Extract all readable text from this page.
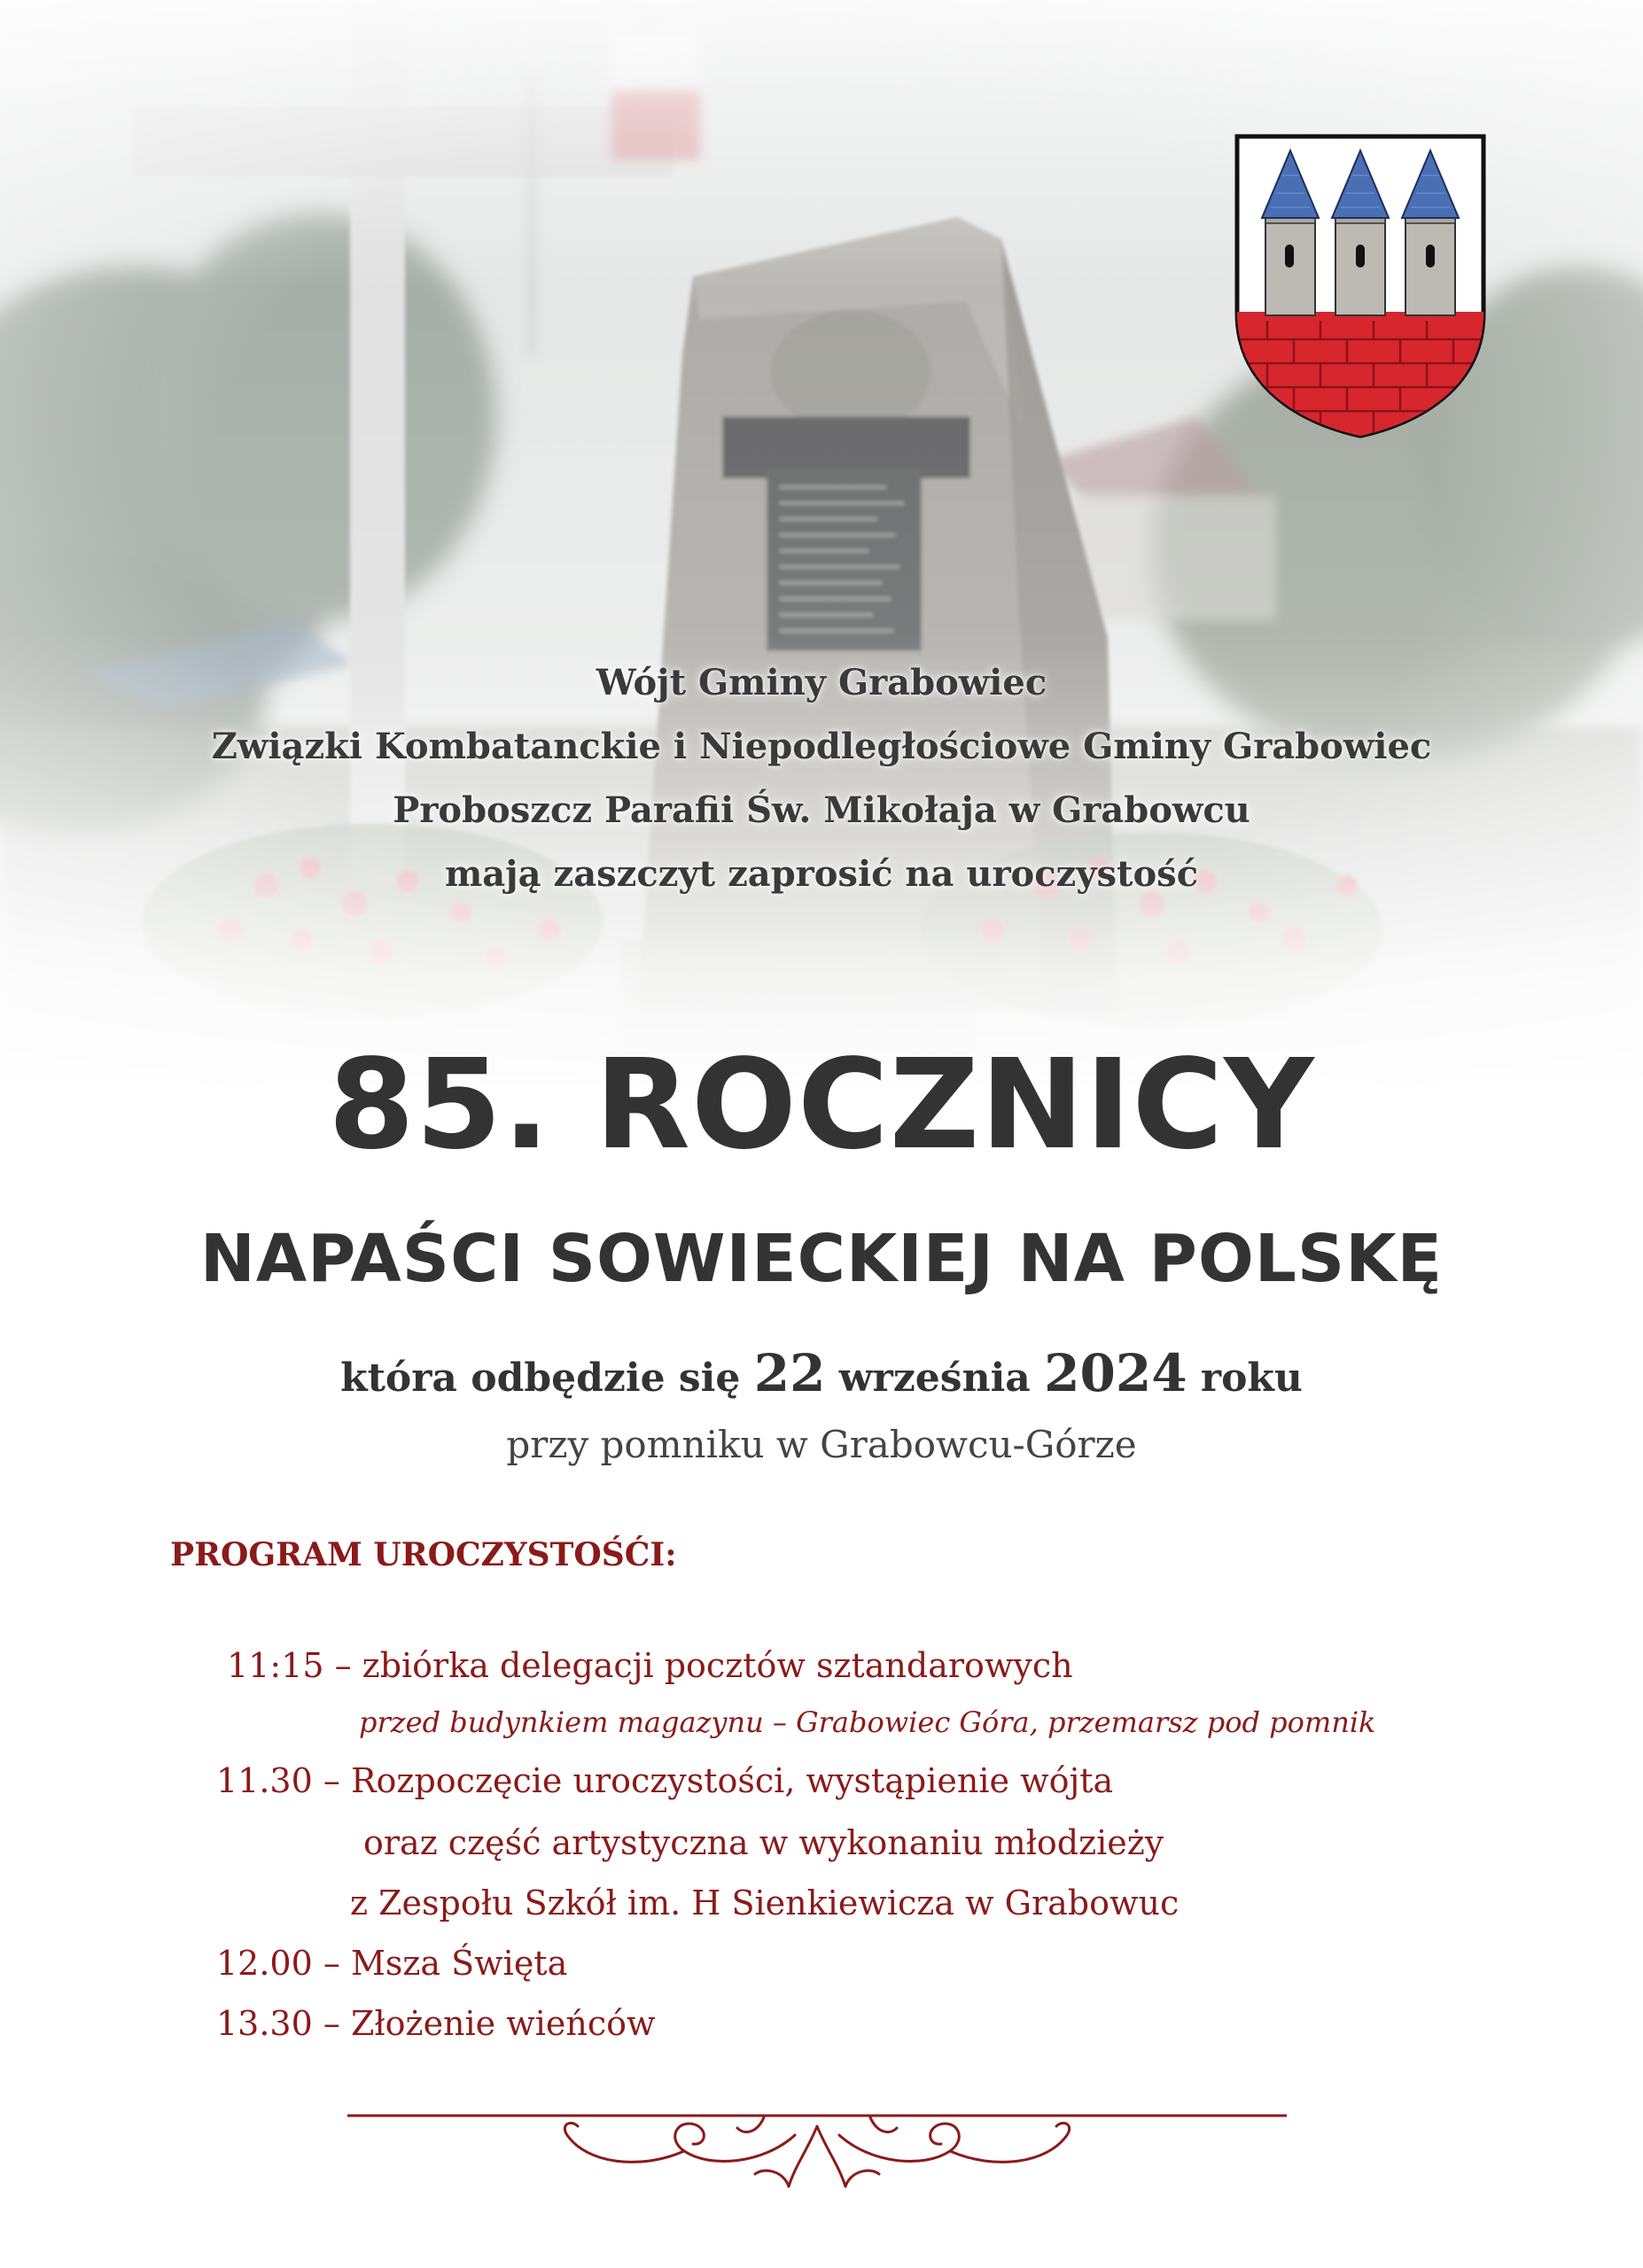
Wójt Gminy Grabowiec
Związki Kombatanckie i Niepodległościowe Gminy Grabowiec
Proboszcz Parafii Św. Mikołaja w Grabowcu
mają zaszczyt zaprosić na uroczystość
85. ROCZNICY
NAPAŚCI SOWIECKIEJ NA POLSKĘ
która odbędzie się 22 września 2024 roku
przy pomniku w Grabowcu-Górze
PROGRAM UROCZYSTOŚĆI:
11:15 – zbiórka delegacji pocztów sztandarowych
przed budynkiem magazynu – Grabowiec Góra, przemarsz pod pomnik
11.30 – Rozpoczęcie uroczystości, wystąpienie wójta
oraz część artystyczna w wykonaniu młodzieży
z Zespołu Szkół im. H Sienkiewicza w Grabowuc
12.00 – Msza Święta
13.30 – Złożenie wieńców
